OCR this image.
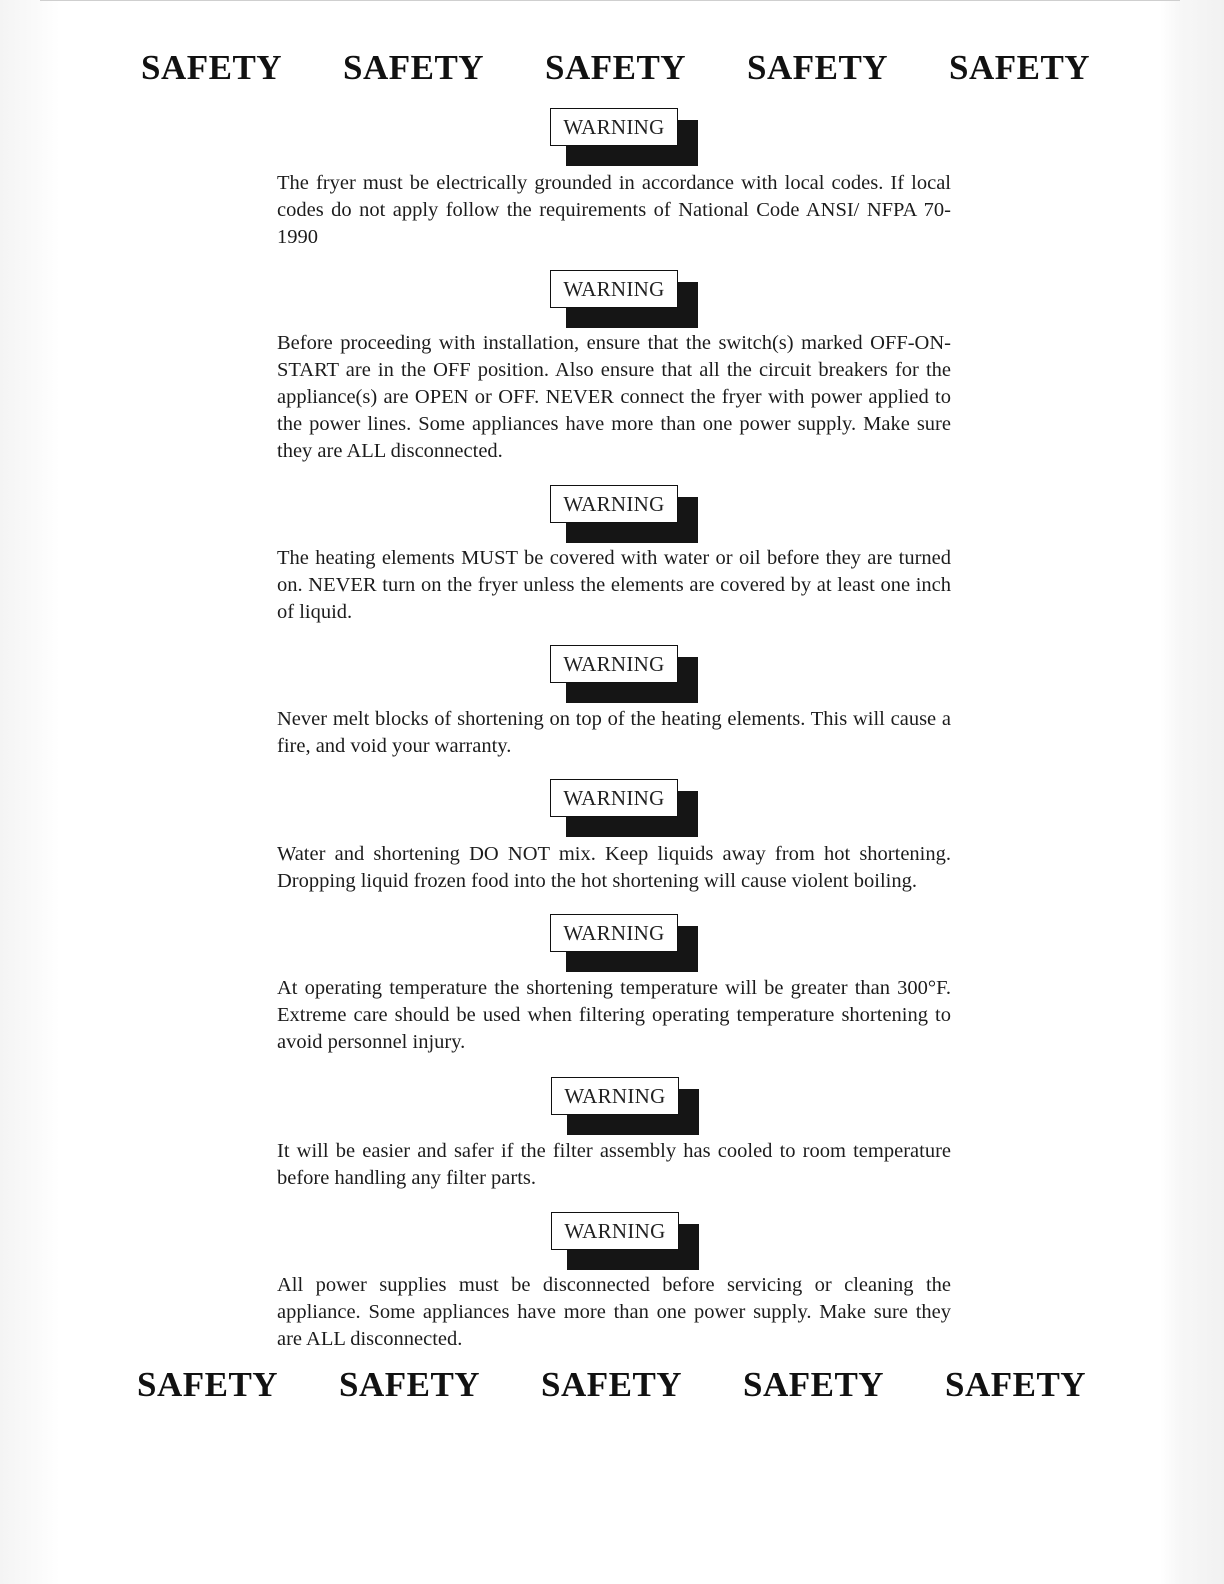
SAFETY SAFETY SAFETY SAFETY SAFETY
WARNING

The fryer must be electrically grounded in accordance with local codes. If local codes do not apply follow the requirements of National Code ANSI/ NFPA 70-1990

WARNING

Before proceeding with installation, ensure that the switch(s) marked OFF-ON-START are in the OFF position. Also ensure that all the circuit breakers for the appliance(s) are OPEN or OFF. NEVER connect the fryer with power applied to the power lines. Some appliances have more than one power supply. Make sure they are ALL disconnected.

WARNING

The heating elements MUST be covered with water or oil before they are turned on. NEVER turn on the fryer unless the elements are covered by at least one inch of liquid.

WARNING

Never melt blocks of shortening on top of the heating elements. This will cause a fire, and void your warranty.

WARNING

Water and shortening DO NOT mix. Keep liquids away from hot shortening. Dropping liquid frozen food into the hot shortening will cause violent boiling.

WARNING

At operating temperature the shortening temperature will be greater than 300°F. Extreme care should be used when filtering operating temperature shortening to avoid personnel injury.

WARNING

It will be easier and safer if the filter assembly has cooled to room temperature before handling any filter parts.

WARNING

All power supplies must be disconnected before servicing or cleaning the appliance. Some appliances have more than one power supply. Make sure they are ALL disconnected.

SAFETY SAFETY SAFETY SAFETY SAFETY
